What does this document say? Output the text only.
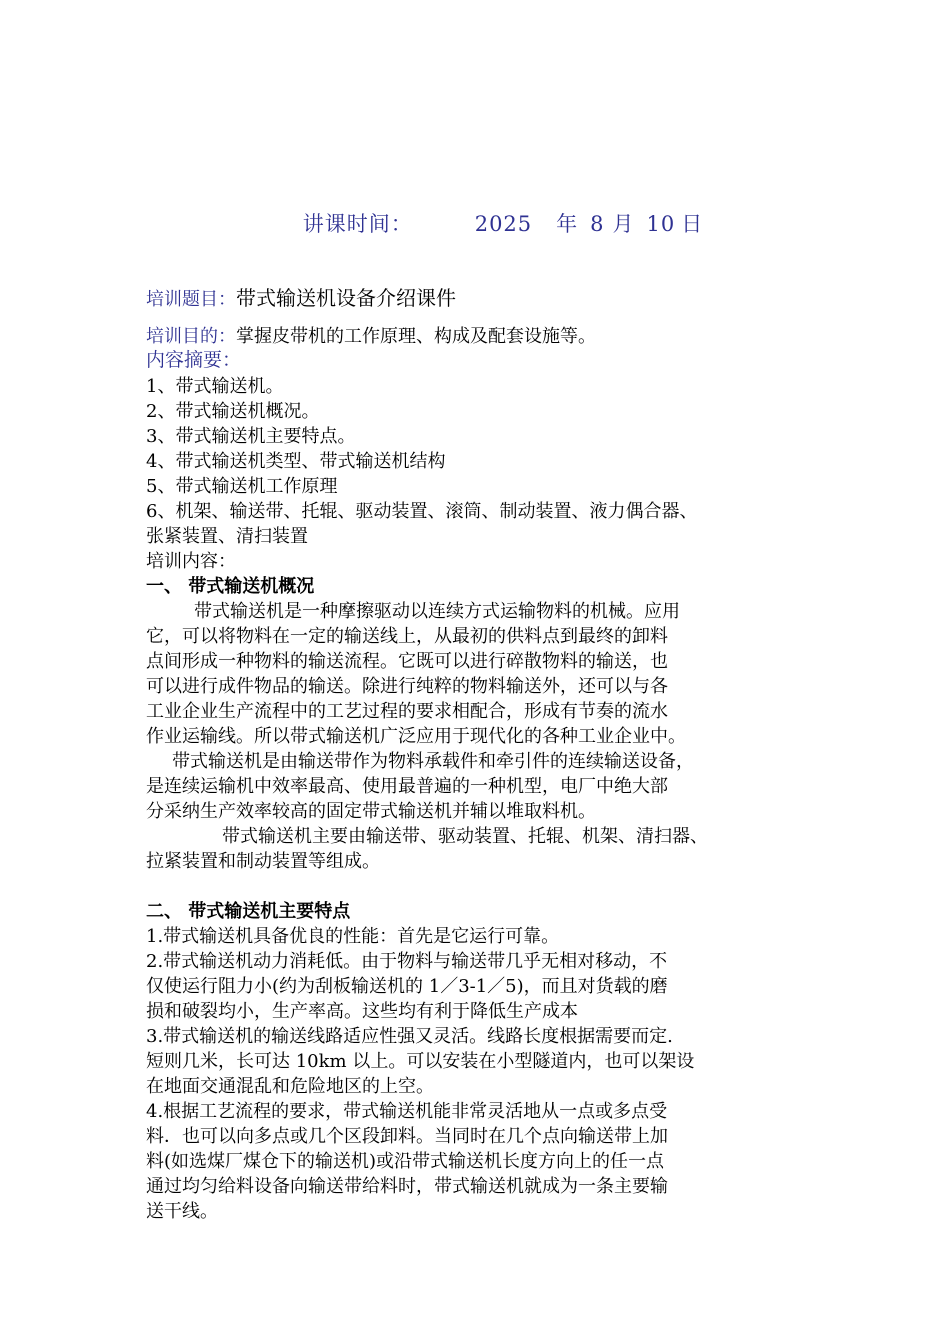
讲课时间：	2025 年 8 月 10 日

培训题目：带式输送机设备介绍课件
培训目的：掌握皮带机的工作原理、构成及配套设施等。
内容摘要：
1、带式输送机。
2、带式输送机概况。
3、带式输送机主要特点。
4、带式输送机类型、带式输送机结构
5、带式输送机工作原理
6、机架、输送带、托辊、驱动装置、滚筒、制动装置、液力偶合器、
张紧装置、清扫装置
培训内容：
一、 带式输送机概况
带式输送机是一种摩擦驱动以连续方式运输物料的机械。应用
它，可以将物料在一定的输送线上，从最初的供料点到最终的卸料
点间形成一种物料的输送流程。它既可以进行碎散物料的输送，也
可以进行成件物品的输送。除进行纯粹的物料输送外，还可以与各
工业企业生产流程中的工艺过程的要求相配合，形成有节奏的流水
作业运输线。所以带式输送机广泛应用于现代化的各种工业企业中。
带式输送机是由输送带作为物料承载件和牵引件的连续输送设备，
是连续运输机中效率最高、使用最普遍的一种机型，电厂中绝大部
分采纳生产效率较高的固定带式输送机并辅以堆取料机。
带式输送机主要由输送带、驱动装置、托辊、机架、清扫器、
拉紧装置和制动装置等组成。
二、 带式输送机主要特点
1.带式输送机具备优良的性能：首先是它运行可靠。
2.带式输送机动力消耗低。由于物料与输送带几乎无相对移动，不
仅使运行阻力小(约为刮板输送机的 1／3-1／5)，而且对货载的磨
损和破裂均小，生产率高。这些均有利于降低生产成本
3.带式输送机的输送线路适应性强又灵活。线路长度根据需要而定.
短则几米，长可达 10km 以上。可以安装在小型隧道内，也可以架设
在地面交通混乱和危险地区的上空。
4.根据工艺流程的要求，带式输送机能非常灵活地从一点或多点受
料．也可以向多点或几个区段卸料。当同时在几个点向输送带上加
料(如选煤厂煤仓下的输送机)或沿带式输送机长度方向上的任一点
通过均匀给料设备向输送带给料时，带式输送机就成为一条主要输
送干线。
